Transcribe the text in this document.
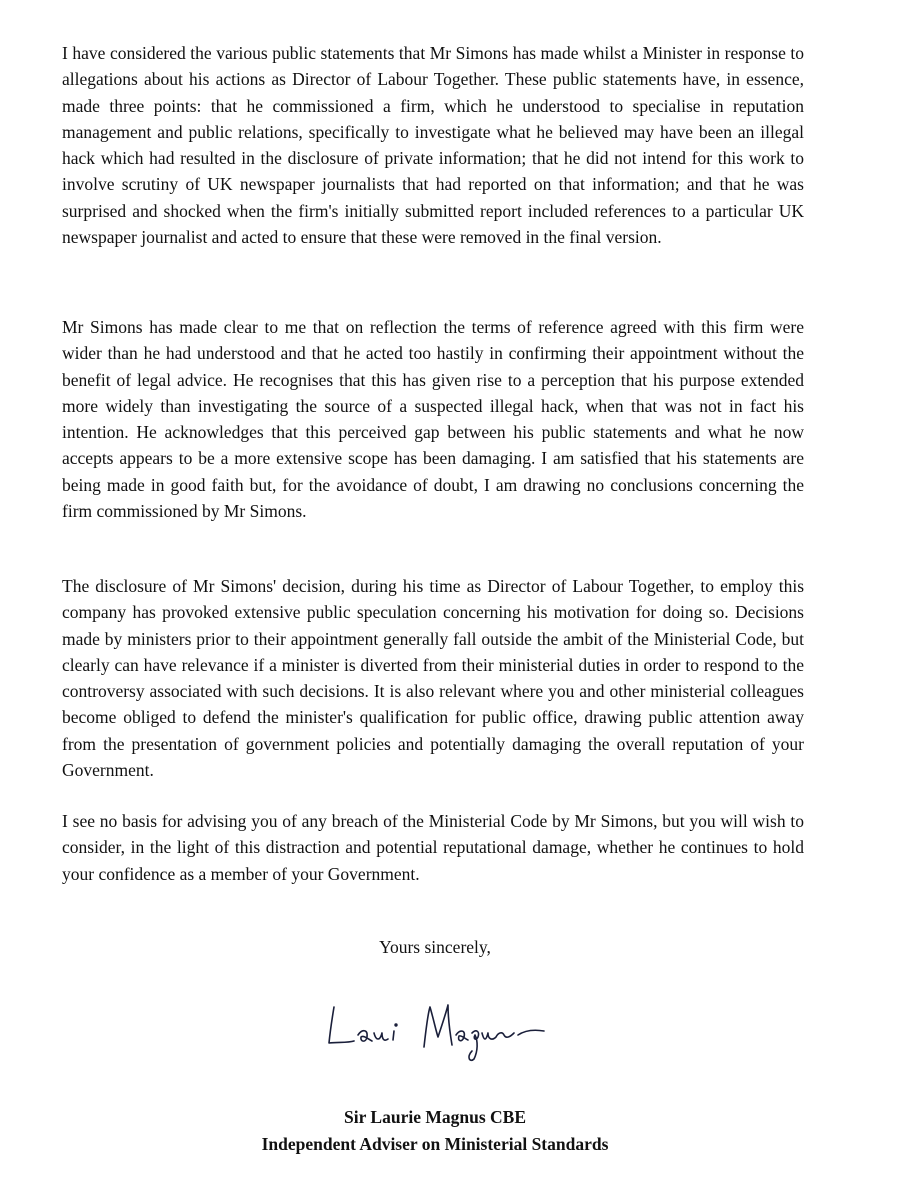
I have considered the various public statements that Mr Simons has made whilst a Minister in response to allegations about his actions as Director of Labour Together. These public statements have, in essence, made three points: that he commissioned a firm, which he understood to specialise in reputation management and public relations, specifically to investigate what he believed may have been an illegal hack which had resulted in the disclosure of private information; that he did not intend for this work to involve scrutiny of UK newspaper journalists that had reported on that information; and that he was surprised and shocked when the firm's initially submitted report included references to a particular UK newspaper journalist and acted to ensure that these were removed in the final version.

Mr Simons has made clear to me that on reflection the terms of reference agreed with this firm were wider than he had understood and that he acted too hastily in confirming their appointment without the benefit of legal advice. He recognises that this has given rise to a perception that his purpose extended more widely than investigating the source of a suspected illegal hack, when that was not in fact his intention. He acknowledges that this perceived gap between his public statements and what he now accepts appears to be a more extensive scope has been damaging. I am satisfied that his statements are being made in good faith but, for the avoidance of doubt, I am drawing no conclusions concerning the firm commissioned by Mr Simons.

The disclosure of Mr Simons' decision, during his time as Director of Labour Together, to employ this company has provoked extensive public speculation concerning his motivation for doing so. Decisions made by ministers prior to their appointment generally fall outside the ambit of the Ministerial Code, but clearly can have relevance if a minister is diverted from their ministerial duties in order to respond to the controversy associated with such decisions. It is also relevant where you and other ministerial colleagues become obliged to defend the minister's qualification for public office, drawing public attention away from the presentation of government policies and potentially damaging the overall reputation of your Government.

I see no basis for advising you of any breach of the Ministerial Code by Mr Simons, but you will wish to consider, in the light of this distraction and potential reputational damage, whether he continues to hold your confidence as a member of your Government.

Yours sincerely,
Sir Laurie Magnus CBE
Independent Adviser on Ministerial Standards
